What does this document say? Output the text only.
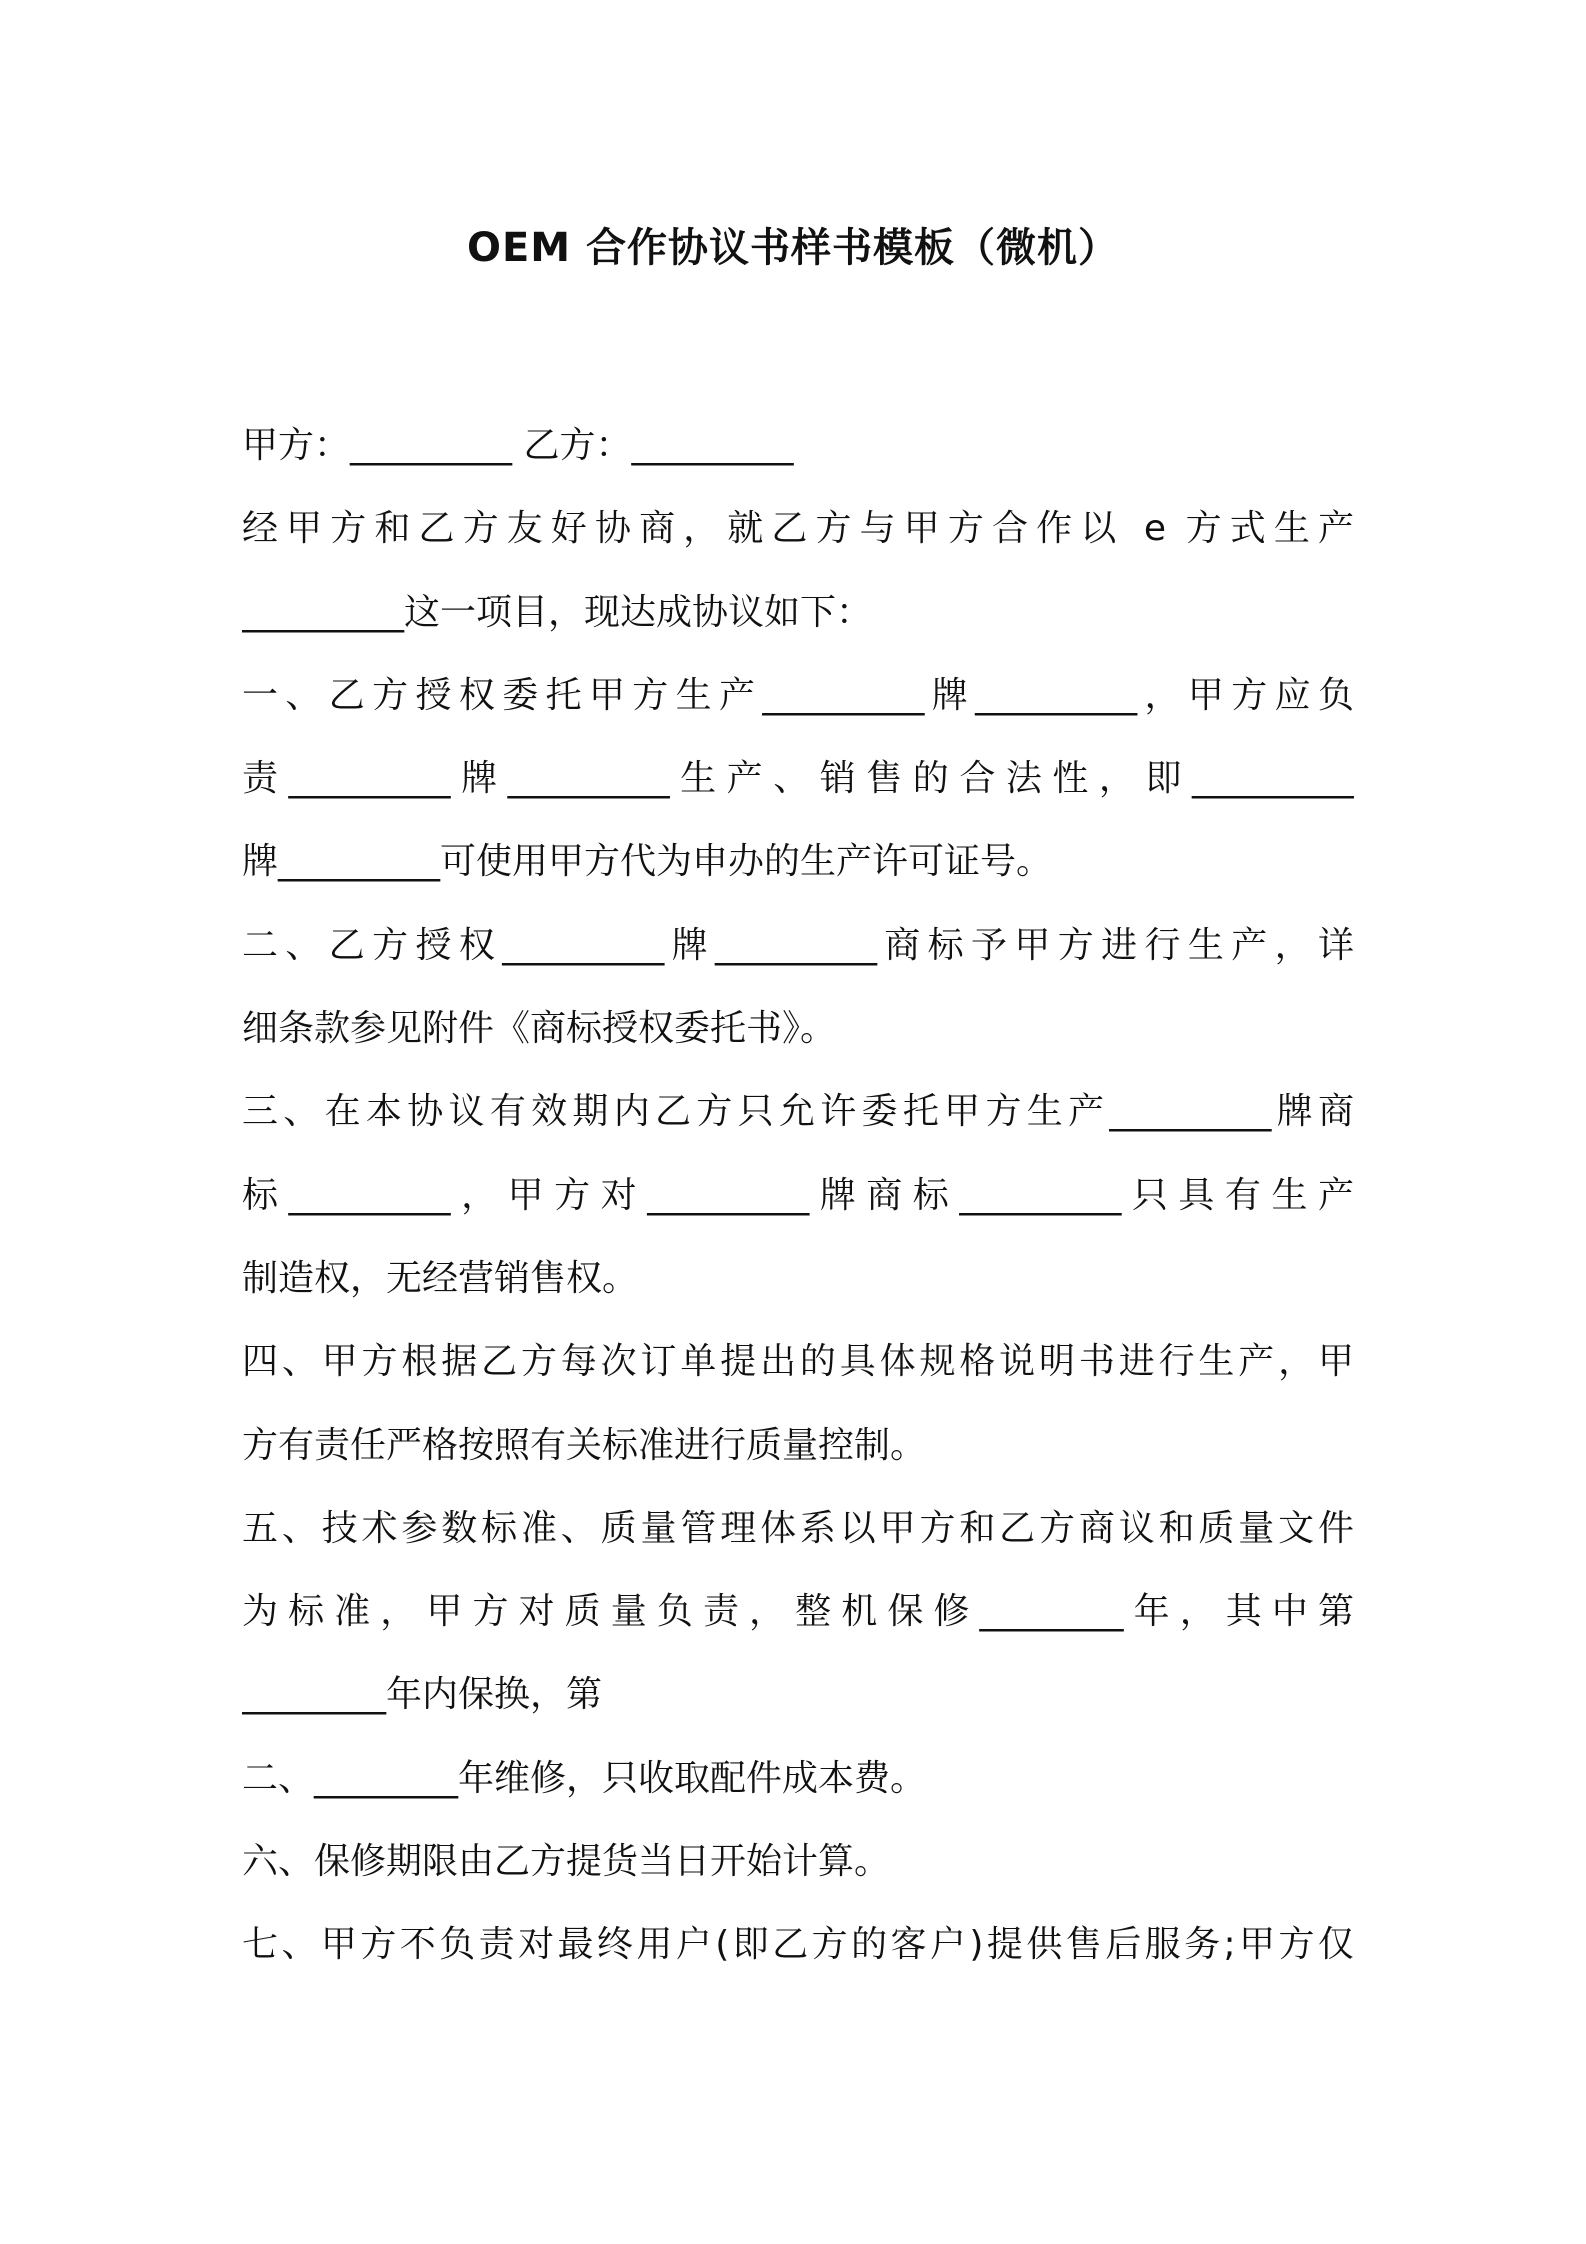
OEM 合作协议书样书模板（微机）
甲方：_________ 乙方：_________
经甲方和乙方友好协商，就乙方与甲方合作以 e 方式生产
_________这一项目，现达成协议如下：
一、乙方授权委托甲方生产_________牌_________，甲方应负
责_________牌_________生产、销售的合法性，即_________
牌_________可使用甲方代为申办的生产许可证号。
二、乙方授权_________牌_________商标予甲方进行生产，详
细条款参见附件《商标授权委托书》。
三、在本协议有效期内乙方只允许委托甲方生产_________牌商
标_________，甲方对_________牌商标_________只具有生产
制造权，无经营销售权。
四、甲方根据乙方每次订单提出的具体规格说明书进行生产，甲
方有责任严格按照有关标准进行质量控制。
五、技术参数标准、质量管理体系以甲方和乙方商议和质量文件
为标准，甲方对质量负责，整机保修________年，其中第
________年内保换，第
二、________年维修，只收取配件成本费。
六、保修期限由乙方提货当日开始计算。
七、甲方不负责对最终用户(即乙方的客户)提供售后服务;甲方仅
